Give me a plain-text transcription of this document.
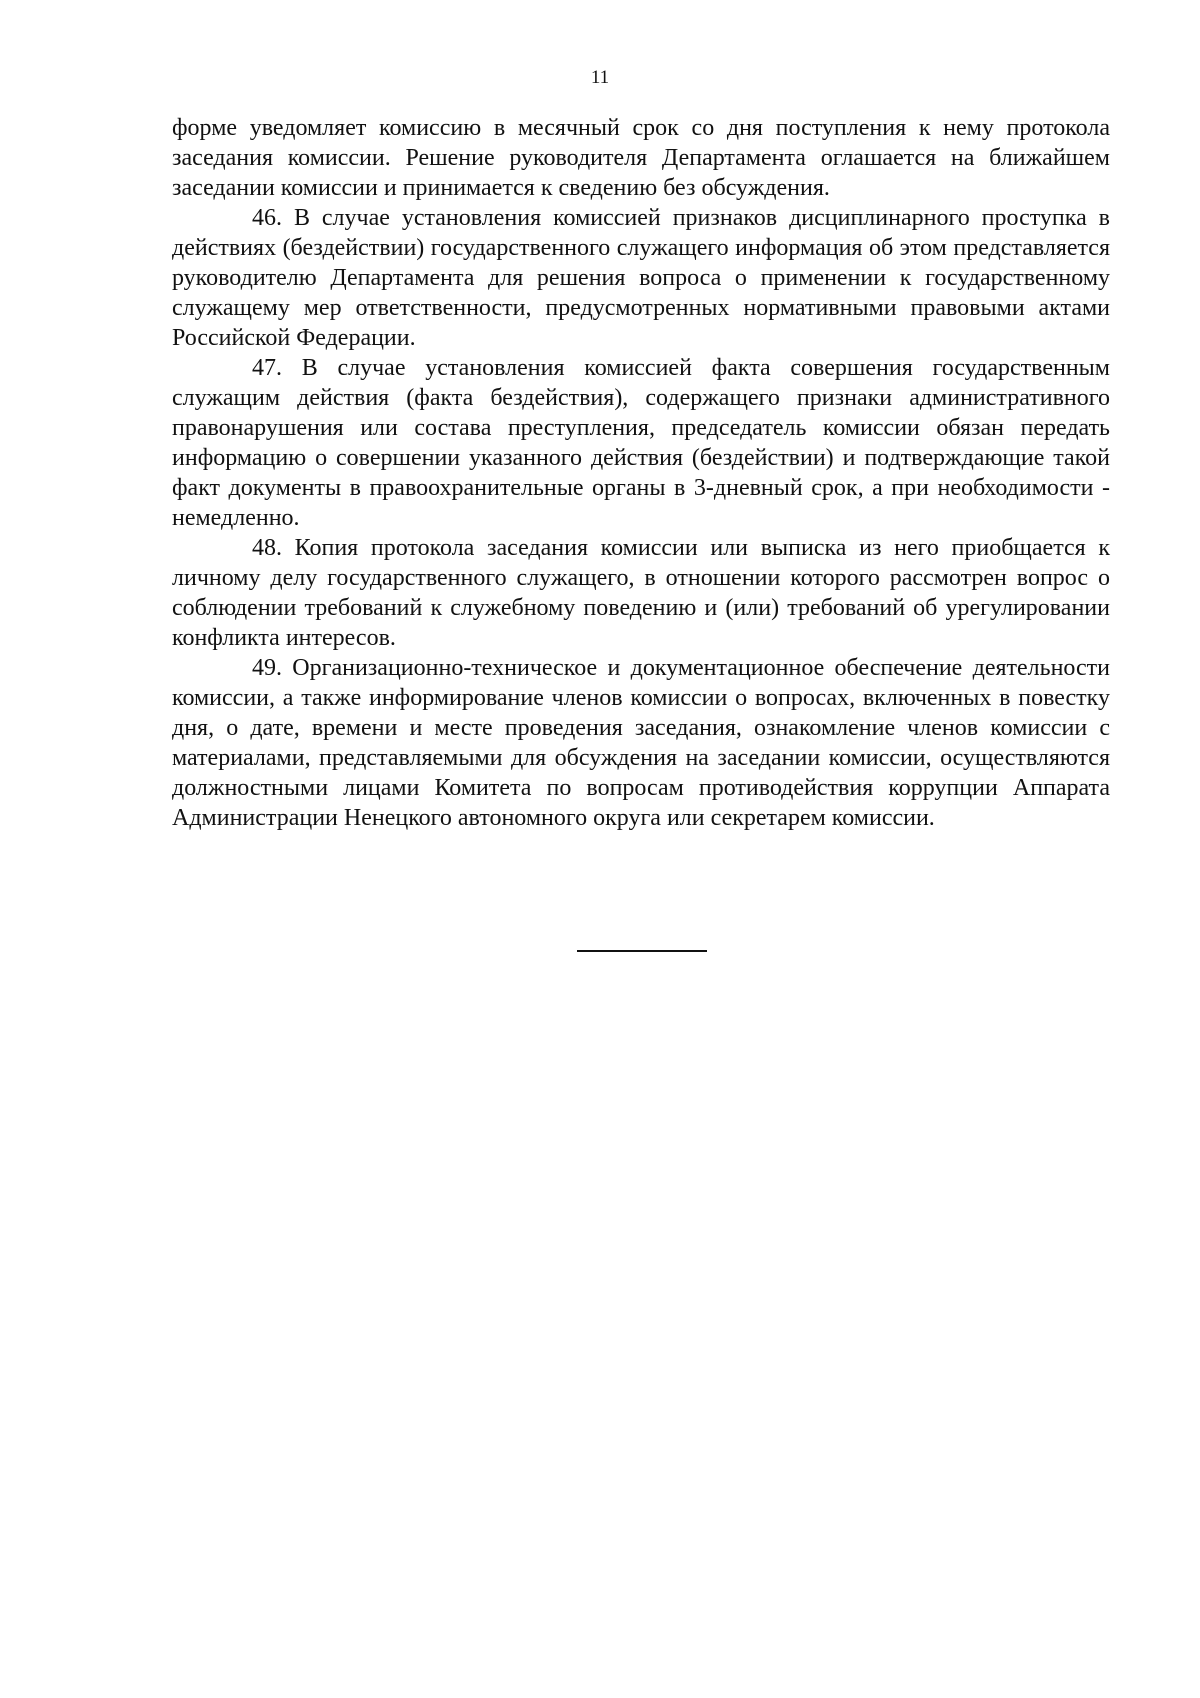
11

форме уведомляет комиссию в месячный срок со дня поступления к нему протокола заседания комиссии. Решение руководителя Департамента оглашается на ближайшем заседании комиссии и принимается к сведению без обсуждения.

46. В случае установления комиссией признаков дисциплинарного проступка в действиях (бездействии) государственного служащего информация об этом представляется руководителю Департамента для решения вопроса о применении к государственному служащему мер ответственности, предусмотренных нормативными правовыми актами Российской Федерации.

47. В случае установления комиссией факта совершения государственным служащим действия (факта бездействия), содержащего признаки административного правонарушения или состава преступления, председатель комиссии обязан передать информацию о совершении указанного действия (бездействии) и подтверждающие такой факт документы в правоохранительные органы в 3-дневный срок, а при необходимости - немедленно.

48. Копия протокола заседания комиссии или выписка из него приобщается к личному делу государственного служащего, в отношении которого рассмотрен вопрос о соблюдении требований к служебному поведению и (или) требований об урегулировании конфликта интересов.

49. Организационно-техническое и документационное обеспечение деятельности комиссии, а также информирование членов комиссии о вопросах, включенных в повестку дня, о дате, времени и месте проведения заседания, ознакомление членов комиссии с материалами, представляемыми для обсуждения на заседании комиссии, осуществляются должностными лицами Комитета по вопросам противодействия коррупции Аппарата Администрации Ненецкого автономного округа или секретарем комиссии.
